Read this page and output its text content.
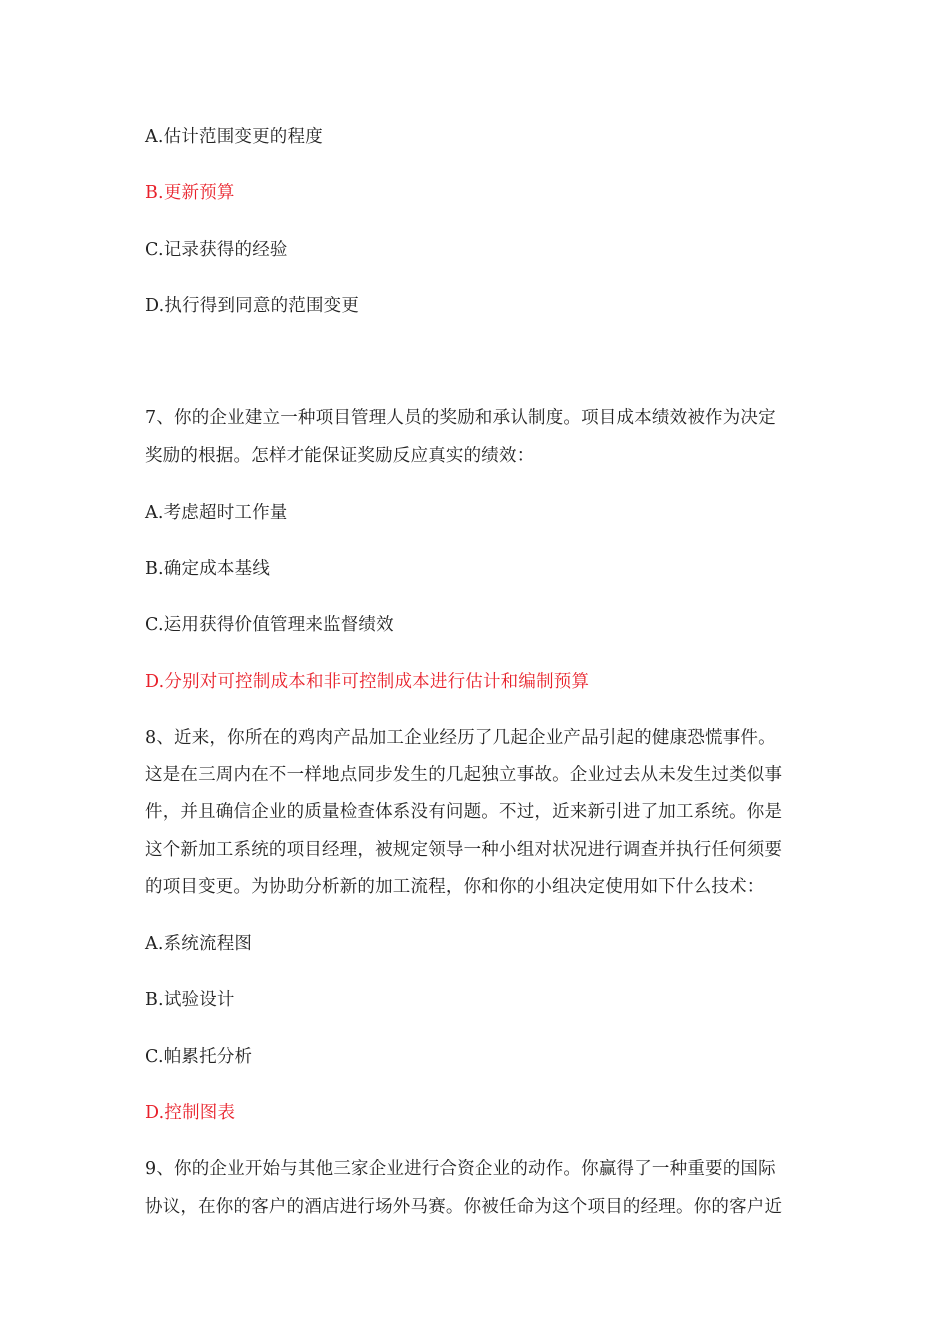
A.估计范围变更的程度
B.更新预算
C.记录获得的经验
D.执行得到同意的范围变更
7、你的企业建立一种项目管理人员的奖励和承认制度。项目成本绩效被作为决定
奖励的根据。怎样才能保证奖励反应真实的绩效：
A.考虑超时工作量
B.确定成本基线
C.运用获得价值管理来监督绩效
D.分别对可控制成本和非可控制成本进行估计和编制预算
8、近来，你所在的鸡肉产品加工企业经历了几起企业产品引起的健康恐慌事件。
这是在三周内在不一样地点同步发生的几起独立事故。企业过去从未发生过类似事
件，并且确信企业的质量检查体系没有问题。不过，近来新引进了加工系统。你是
这个新加工系统的项目经理，被规定领导一种小组对状况进行调查并执行任何须要
的项目变更。为协助分析新的加工流程，你和你的小组决定使用如下什么技术：
A.系统流程图
B.试验设计
C.帕累托分析
D.控制图表
9、你的企业开始与其他三家企业进行合资企业的动作。你赢得了一种重要的国际
协议，在你的客户的酒店进行场外马赛。你被任命为这个项目的经理。你的客户近
